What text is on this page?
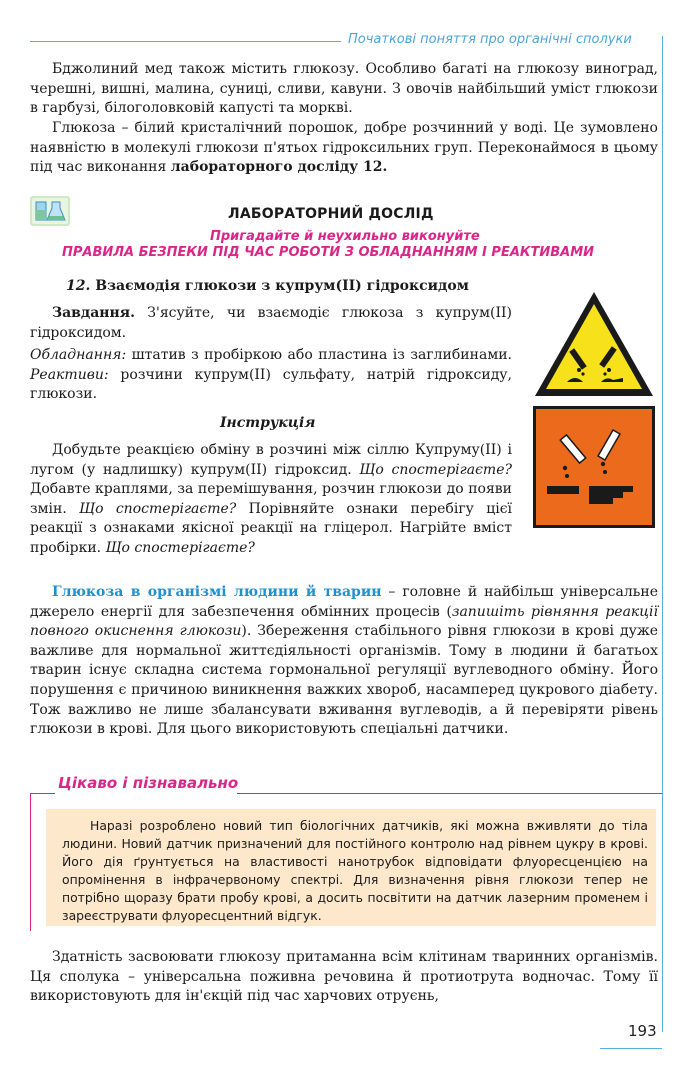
Початкові поняття про органічні сполуки

Бджолиний мед також містить глюкозу. Особливо багаті на глюкозу виноград, черешні, вишні, малина, суниці, сливи, кавуни. З овочів найбільший уміст глюкози в гарбузі, білоголовковій капусті та моркві.

Глюкоза – білий кристалічний порошок, добре розчинний у воді. Це зумовлено наявністю в молекулі глюкози п'ятьох гідроксильних груп. Переконаймося в цьому під час виконання лабораторного досліду 12.

ЛАБОРАТОРНИЙ ДОСЛІД
Пригадайте й неухильно виконуйте
ПРАВИЛА БЕЗПЕКИ ПІД ЧАС РОБОТИ З ОБЛАДНАННЯМ І РЕАКТИВАМИ
12. Взаємодія глюкози з купрум(ІІ) гідроксидом

Завдання. З'ясуйте, чи взаємодіє глюкоза з купрум(ІІ) гідроксидом.

Обладнання: штатив з пробіркою або пластина із заглибинами. Реактиви: розчини купрум(ІІ) сульфату, натрій гідроксиду, глюкози.

Інструкція

Добудьте реакцією обміну в розчині між сіллю Купруму(ІІ) і лугом (у надлишку) купрум(ІІ) гідроксид. Що спостерігаєте? Добавте краплями, за перемішування, розчин глюкози до появи змін. Що спостерігаєте? Порівняйте ознаки перебігу цієї реакції з ознаками якісної реакції на гліцерол. Нагрійте вміст пробірки. Що спостерігаєте?

Глюкоза в організмі людини й тварин – головне й найбільш універсальне джерело енергії для забезпечення обмінних процесів (запишіть рівняння реакції повного окиснення глюкози). Збереження стабільного рівня глюкози в крові дуже важливе для нормальної життєдіяльності організмів. Тому в людини й багатьох тварин існує складна система гормональної регуляції вуглеводного обміну. Його порушення є причиною виникнення важких хвороб, насамперед цукрового діабету. Тож важливо не лише збалансувати вживання вуглеводів, а й перевіряти рівень глюкози в крові. Для цього використовують спеціальні датчики.

Цікаво і пізнавально

Наразі розроблено новий тип біологічних датчиків, які можна вживляти до тіла людини. Новий датчик призначений для постійного контролю над рівнем цукру в крові. Його дія ґрунтується на властивості нанотрубок відповідати флуоресценцією на опромінення в інфрачервоному спектрі. Для визначення рівня глюкози тепер не потрібно щоразу брати пробу крові, а досить посвітити на датчик лазерним променем і зареєструвати флуоресцентний відгук.

Здатність засвоювати глюкозу притаманна всім клітинам тваринних організмів. Ця сполука – універсальна поживна речовина й протиотрута водночас. Тому її використовують для ін'єкцій під час харчових отруєнь,

193
